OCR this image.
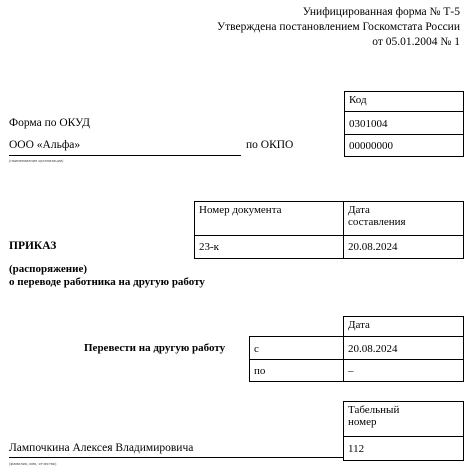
Унифицированная форма № Т-5
Утверждена постановлением Госкомстата России
от 05.01.2004 № 1
Код
0301004
00000000
Форма по ОКУД
ООО «Альфа»
(наименование организации)
по ОКПО
Номер документа	Дата
составления
23-к	20.08.2024
ПРИКАЗ
(распоряжение)
о переводе работника на другую работу
Дата
с	20.08.2024
по	–
Перевести на другую работу
Табельный
номер
112
Лампочкина Алексея Владимировича
(фамилия, имя, отчество)
